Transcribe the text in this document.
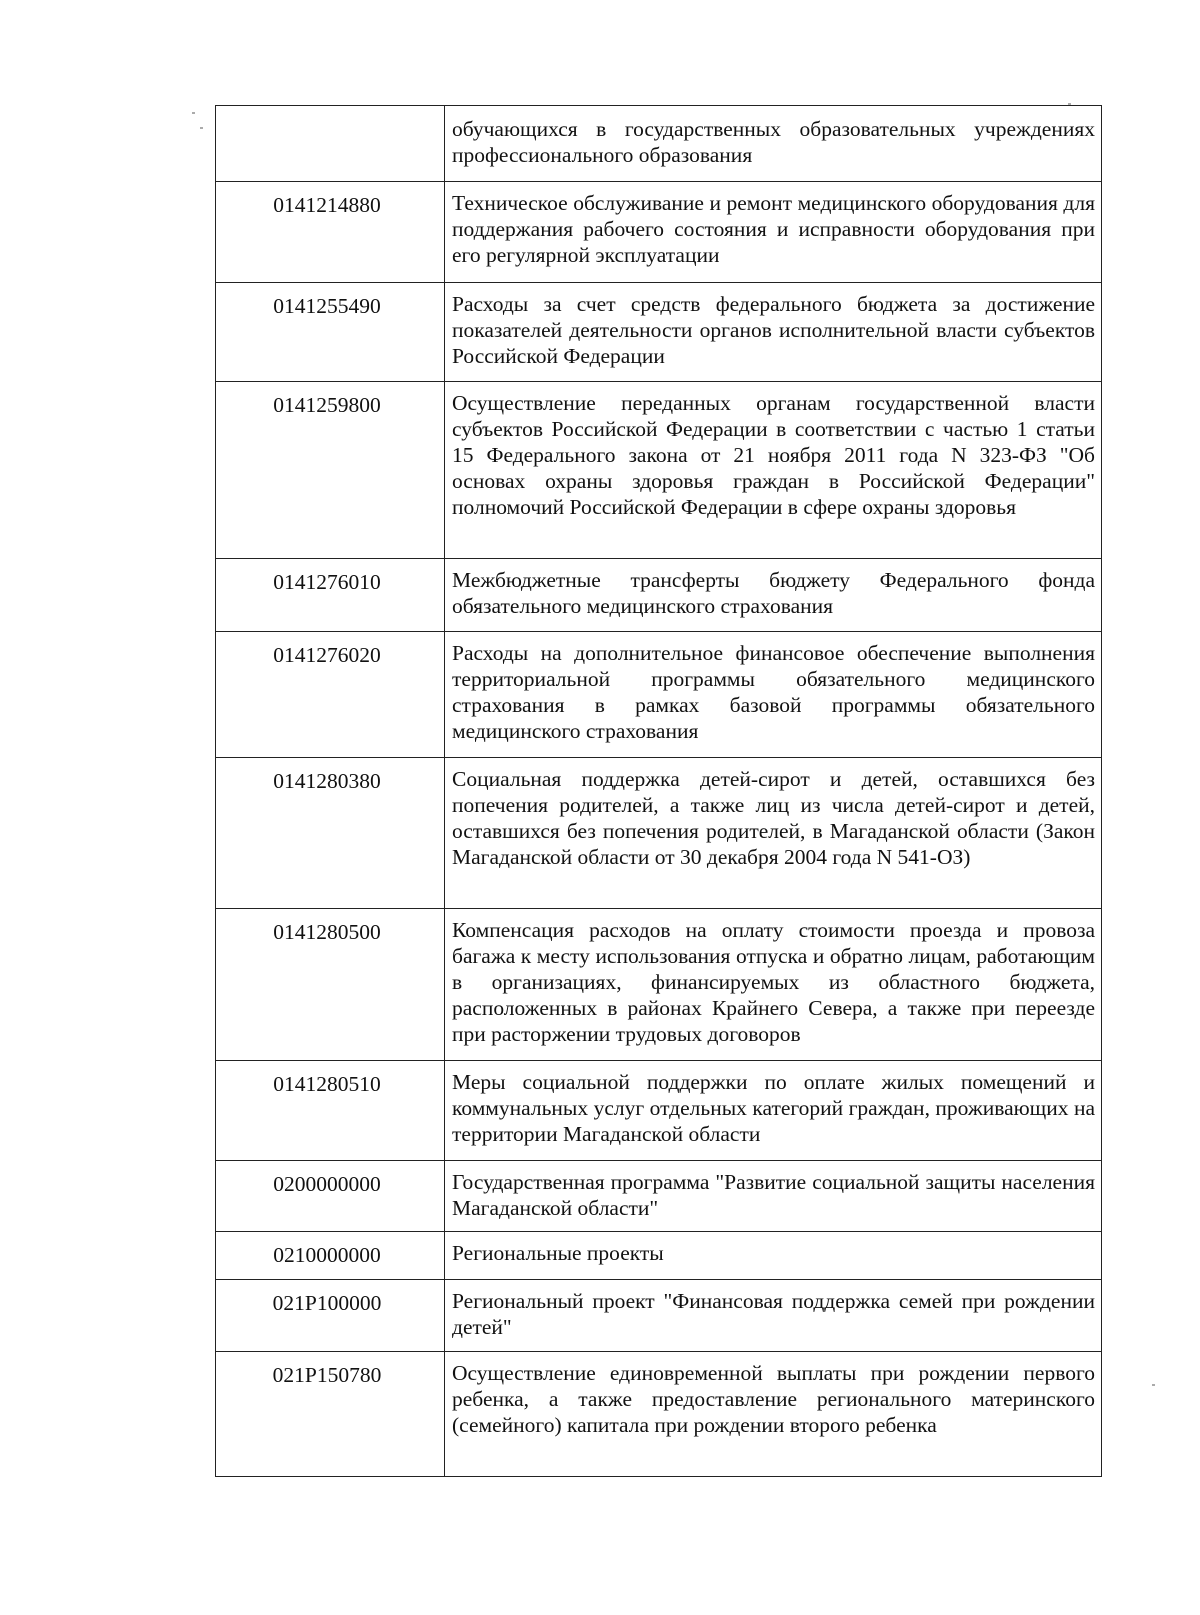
	обучающихся в государственных образовательных учреждениях профессионального образования
0141214880	Техническое обслуживание и ремонт медицинского оборудования для поддержания рабочего состояния и исправности оборудования при его регулярной эксплуатации
0141255490	Расходы за счет средств федерального бюджета за достижение показателей деятельности органов исполнительной власти субъектов Российской Федерации
0141259800	Осуществление переданных органам государственной власти субъектов Российской Федерации в соответствии с частью 1 статьи 15 Федерального закона от 21 ноября 2011 года N 323-ФЗ "Об основах охраны здоровья граждан в Российской Федерации" полномочий Российской Федерации в сфере охраны здоровья
0141276010	Межбюджетные трансферты бюджету Федерального фонда обязательного медицинского страхования
0141276020	Расходы на дополнительное финансовое обеспечение выполнения территориальной программы обязательного медицинского страхования в рамках базовой программы обязательного медицинского страхования
0141280380	Социальная поддержка детей-сирот и детей, оставшихся без попечения родителей, а также лиц из числа детей-сирот и детей, оставшихся без попечения родителей, в Магаданской области (Закон Магаданской области от 30 декабря 2004 года N 541-ОЗ)
0141280500	Компенсация расходов на оплату стоимости проезда и провоза багажа к месту использования отпуска и обратно лицам, работающим в организациях, финансируемых из областного бюджета, расположенных в районах Крайнего Севера, а также при переезде при расторжении трудовых договоров
0141280510	Меры социальной поддержки по оплате жилых помещений и коммунальных услуг отдельных категорий граждан, проживающих на территории Магаданской области
0200000000	Государственная программа "Развитие социальной защиты населения Магаданской области"
0210000000	Региональные проекты
021P100000	Региональный проект "Финансовая поддержка семей при рождении детей"
021P150780	Осуществление единовременной выплаты при рождении первого ребенка, а также предоставление регионального материнского (семейного) капитала при рождении второго ребенка
